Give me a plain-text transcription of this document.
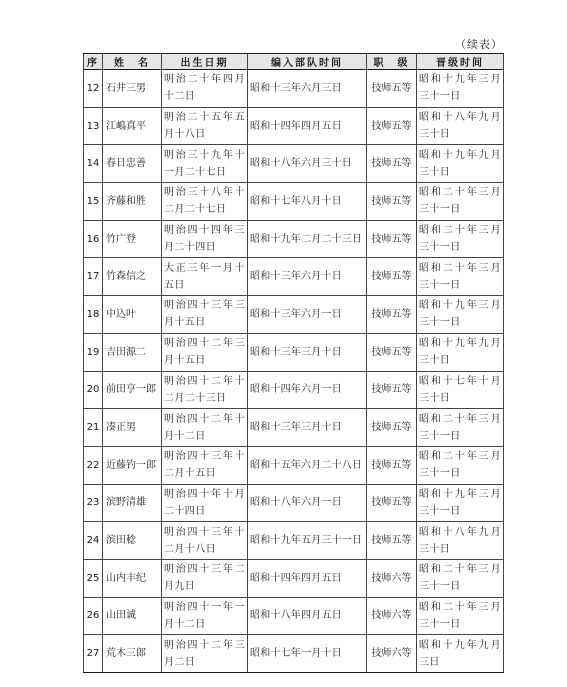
（续表）
序	姓　名	出生日期	编入部队时间	职　级	晋级时间
12	石井三男	明治二十年四月十二日	昭和十三年六月三日	技师五等	昭和十九年三月三十一日
13	江嶋真平	明治二十五年五月十八日	昭和十四年四月五日	技师五等	昭和十八年九月三十日
14	春日忠善	明治三十九年十一月二十七日	昭和十八年六月三十日	技师五等	昭和十九年九月三十日
15	齐藤和胜	明治三十八年十二月二十七日	昭和十七年八月十日	技师五等	昭和二十年三月三十一日
16	竹广登	明治四十四年三月二十四日	昭和十九年二月二十三日	技师五等	昭和二十年三月三十一日
17	竹森信之	大正三年一月十五日	昭和十三年六月十日	技师五等	昭和二十年三月三十一日
18	中込叶	明治四十三年三月十五日	昭和十三年六月一日	技师五等	昭和十九年三月三十一日
19	吉田源二	明治四十二年三月十五日	昭和十三年三月十日	技师五等	昭和十九年九月三十日
20	前田亨一郎	明治四十二年十二月二十三日	昭和十四年六月一日	技师五等	昭和十七年十月三十日
21	凑正男	明治四十二年十月十二日	昭和十三年三月十日	技师五等	昭和二十年三月三十一日
22	近藤钓一郎	明治四十三年十二月十五日	昭和十五年六月二十八日	技师五等	昭和二十年三月三十一日
23	滨野清雄	明治四十年十月二十四日	昭和十八年六月一日	技师五等	昭和十九年三月三十一日
24	滨田稔	明治四十三年十二月十八日	昭和十九年五月三十一日	技师五等	昭和十八年九月三十日
25	山内丰纪	明治四十三年二月九日	昭和十四年四月五日	技师六等	昭和二十年三月三十一日
26	山田诚	明治四十一年一月十二日	昭和十八年四月五日	技师六等	昭和二十年三月三十一日
27	荒木三郎	明治四十二年三月二日	昭和十七年一月十日	技师六等	昭和十九年九月三日
